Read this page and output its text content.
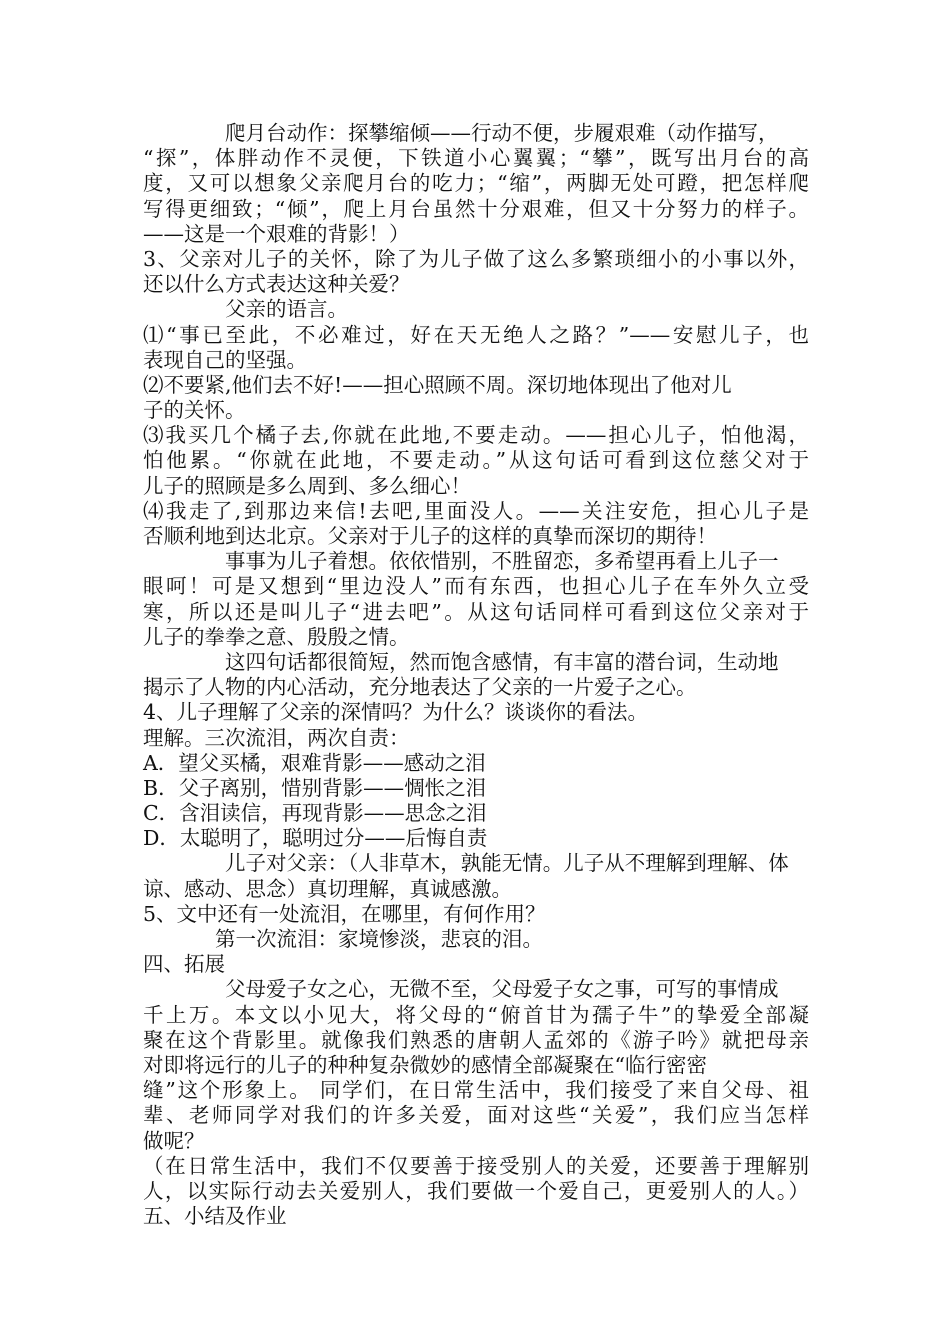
爬月台动作：探攀缩倾——行动不便，步履艰难（动作描写，
“探”，体胖动作不灵便，下铁道小心翼翼；“攀”，既写出月台的高
度，又可以想象父亲爬月台的吃力；“缩”，两脚无处可蹬，把怎样爬
写得更细致；“倾”，爬上月台虽然十分艰难，但又十分努力的样子。
——这是一个艰难的背影！）
3、父亲对儿子的关怀，除了为儿子做了这么多繁琐细小的小事以外，
还以什么方式表达这种关爱？
父亲的语言。
⑴“事已至此，不必难过，好在天无绝人之路？”——安慰儿子，也
表现自己的坚强。
⑵不要紧,他们去不好!——担心照顾不周。深切地体现出了他对儿
子的关怀。
⑶我买几个橘子去,你就在此地,不要走动。——担心儿子，怕他渴，
怕他累。“你就在此地，不要走动。”从这句话可看到这位慈父对于
儿子的照顾是多么周到、多么细心！
⑷我走了,到那边来信!去吧,里面没人。——关注安危，担心儿子是
否顺利地到达北京。父亲对于儿子的这样的真挚而深切的期待！
事事为儿子着想。依依惜别，不胜留恋，多希望再看上儿子一
眼呵！可是又想到“里边没人”而有东西，也担心儿子在车外久立受
寒，所以还是叫儿子“进去吧”。从这句话同样可看到这位父亲对于
儿子的拳拳之意、殷殷之情。
这四句话都很简短，然而饱含感情，有丰富的潜台词，生动地
揭示了人物的内心活动，充分地表达了父亲的一片爱子之心。
4、儿子理解了父亲的深情吗？为什么？谈谈你的看法。
理解。三次流泪，两次自责：
A．望父买橘，艰难背影——感动之泪
B．父子离别，惜别背影——惆怅之泪
C．含泪读信，再现背影——思念之泪
D．太聪明了，聪明过分——后悔自责
儿子对父亲：（人非草木，孰能无情。儿子从不理解到理解、体
谅、感动、思念）真切理解，真诚感激。
5、文中还有一处流泪，在哪里，有何作用？
第一次流泪：家境惨淡，悲哀的泪。
四、拓展
父母爱子女之心，无微不至，父母爱子女之事，可写的事情成
千上万。本文以小见大，将父母的“俯首甘为孺子牛”的挚爱全部凝
聚在这个背影里。就像我们熟悉的唐朝人孟郊的《游子吟》就把母亲
对即将远行的儿子的种种复杂微妙的感情全部凝聚在“临行密密
缝”这个形象上。 同学们，在日常生活中，我们接受了来自父母、祖
辈、老师同学对我们的许多关爱，面对这些“关爱”，我们应当怎样
做呢？
（在日常生活中，我们不仅要善于接受别人的关爱，还要善于理解别
人，以实际行动去关爱别人，我们要做一个爱自己，更爱别人的人。）
五、小结及作业
